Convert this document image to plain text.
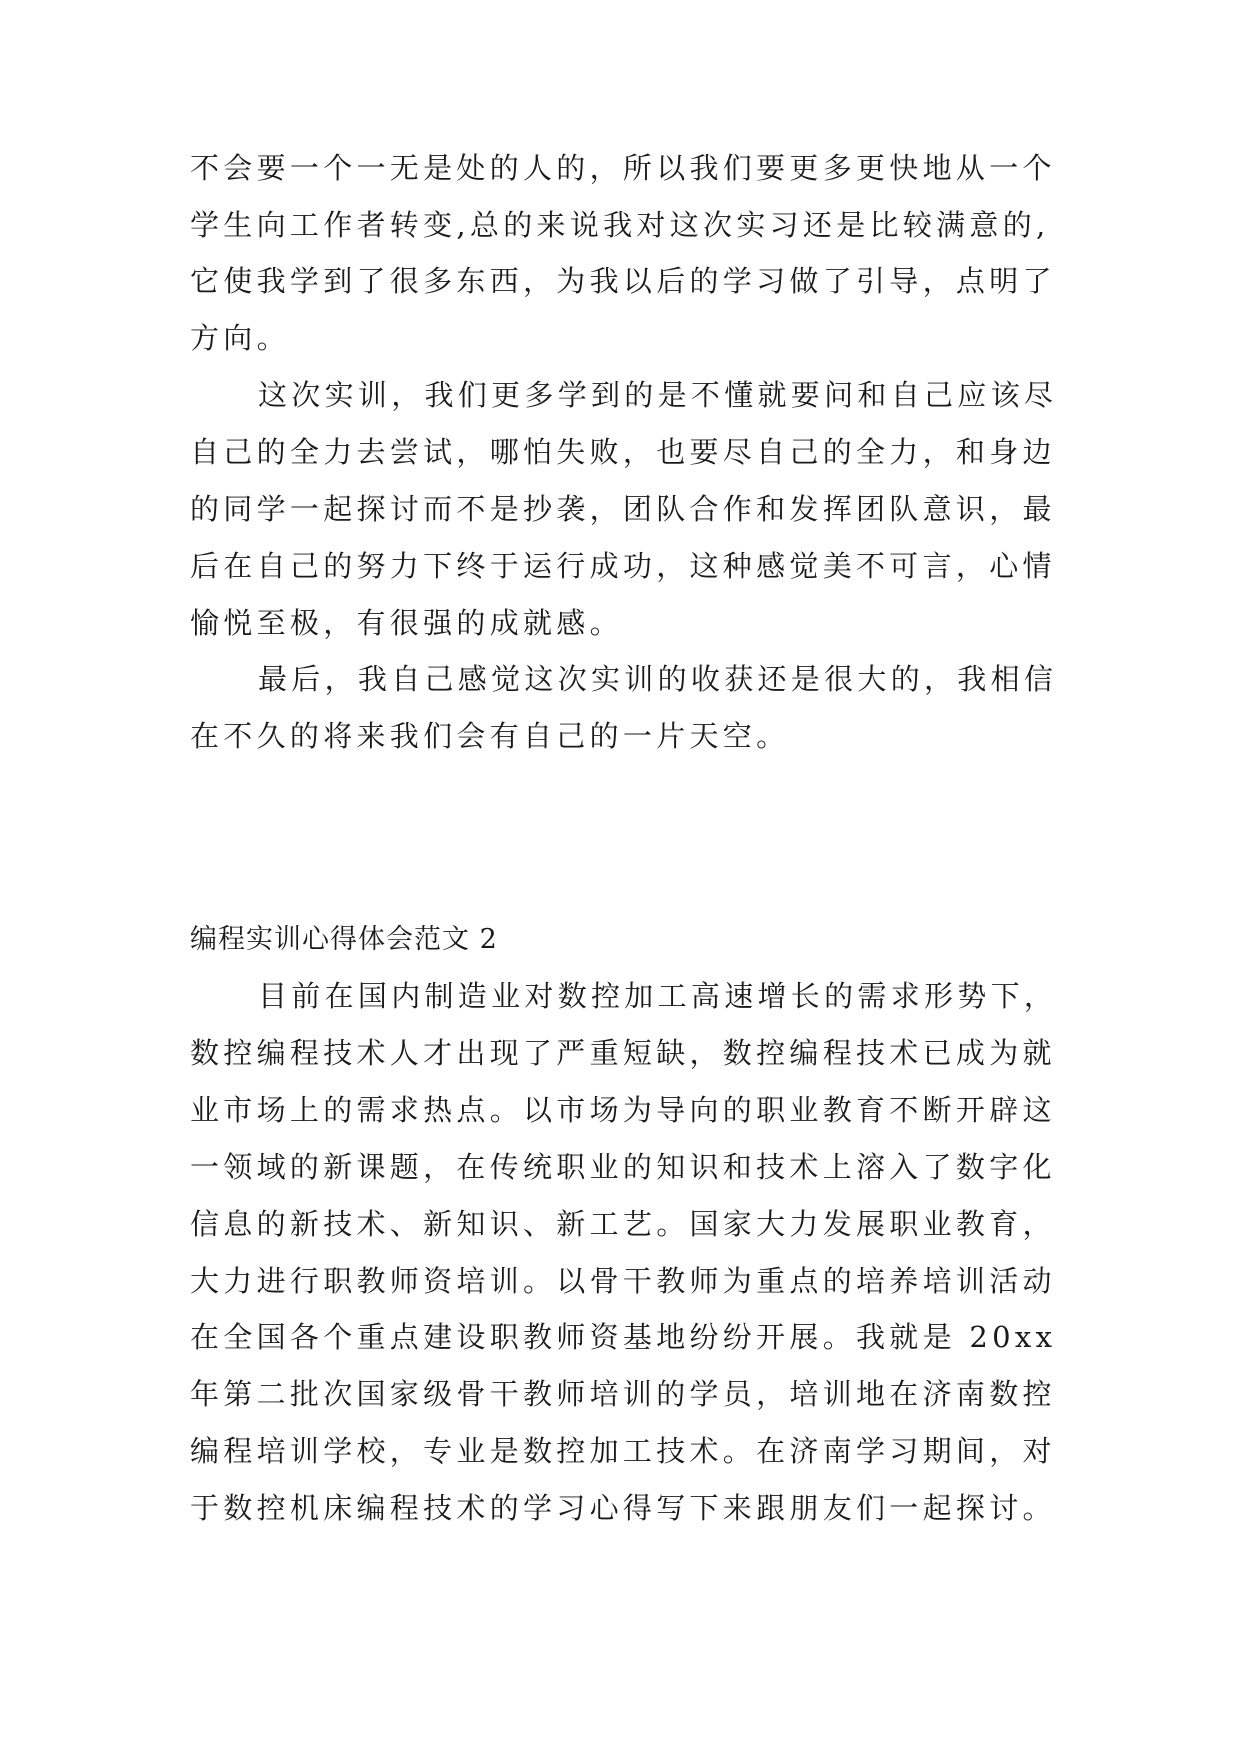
不会要一个一无是处的人的，所以我们要更多更快地从一个
学生向工作者转变,总的来说我对这次实习还是比较满意的,
它使我学到了很多东西，为我以后的学习做了引导，点明了
方向。
这次实训，我们更多学到的是不懂就要问和自己应该尽
自己的全力去尝试，哪怕失败，也要尽自己的全力，和身边
的同学一起探讨而不是抄袭，团队合作和发挥团队意识，最
后在自己的努力下终于运行成功，这种感觉美不可言，心情
愉悦至极，有很强的成就感。
最后，我自己感觉这次实训的收获还是很大的，我相信
在不久的将来我们会有自己的一片天空。
编程实训心得体会范文 2
目前在国内制造业对数控加工高速增长的需求形势下，
数控编程技术人才出现了严重短缺，数控编程技术已成为就
业市场上的需求热点。以市场为导向的职业教育不断开辟这
一领域的新课题，在传统职业的知识和技术上溶入了数字化
信息的新技术、新知识、新工艺。国家大力发展职业教育，
大力进行职教师资培训。以骨干教师为重点的培养培训活动
在全国各个重点建设职教师资基地纷纷开展。我就是 20xx
年第二批次国家级骨干教师培训的学员，培训地在济南数控
编程培训学校，专业是数控加工技术。在济南学习期间，对
于数控机床编程技术的学习心得写下来跟朋友们一起探讨。
